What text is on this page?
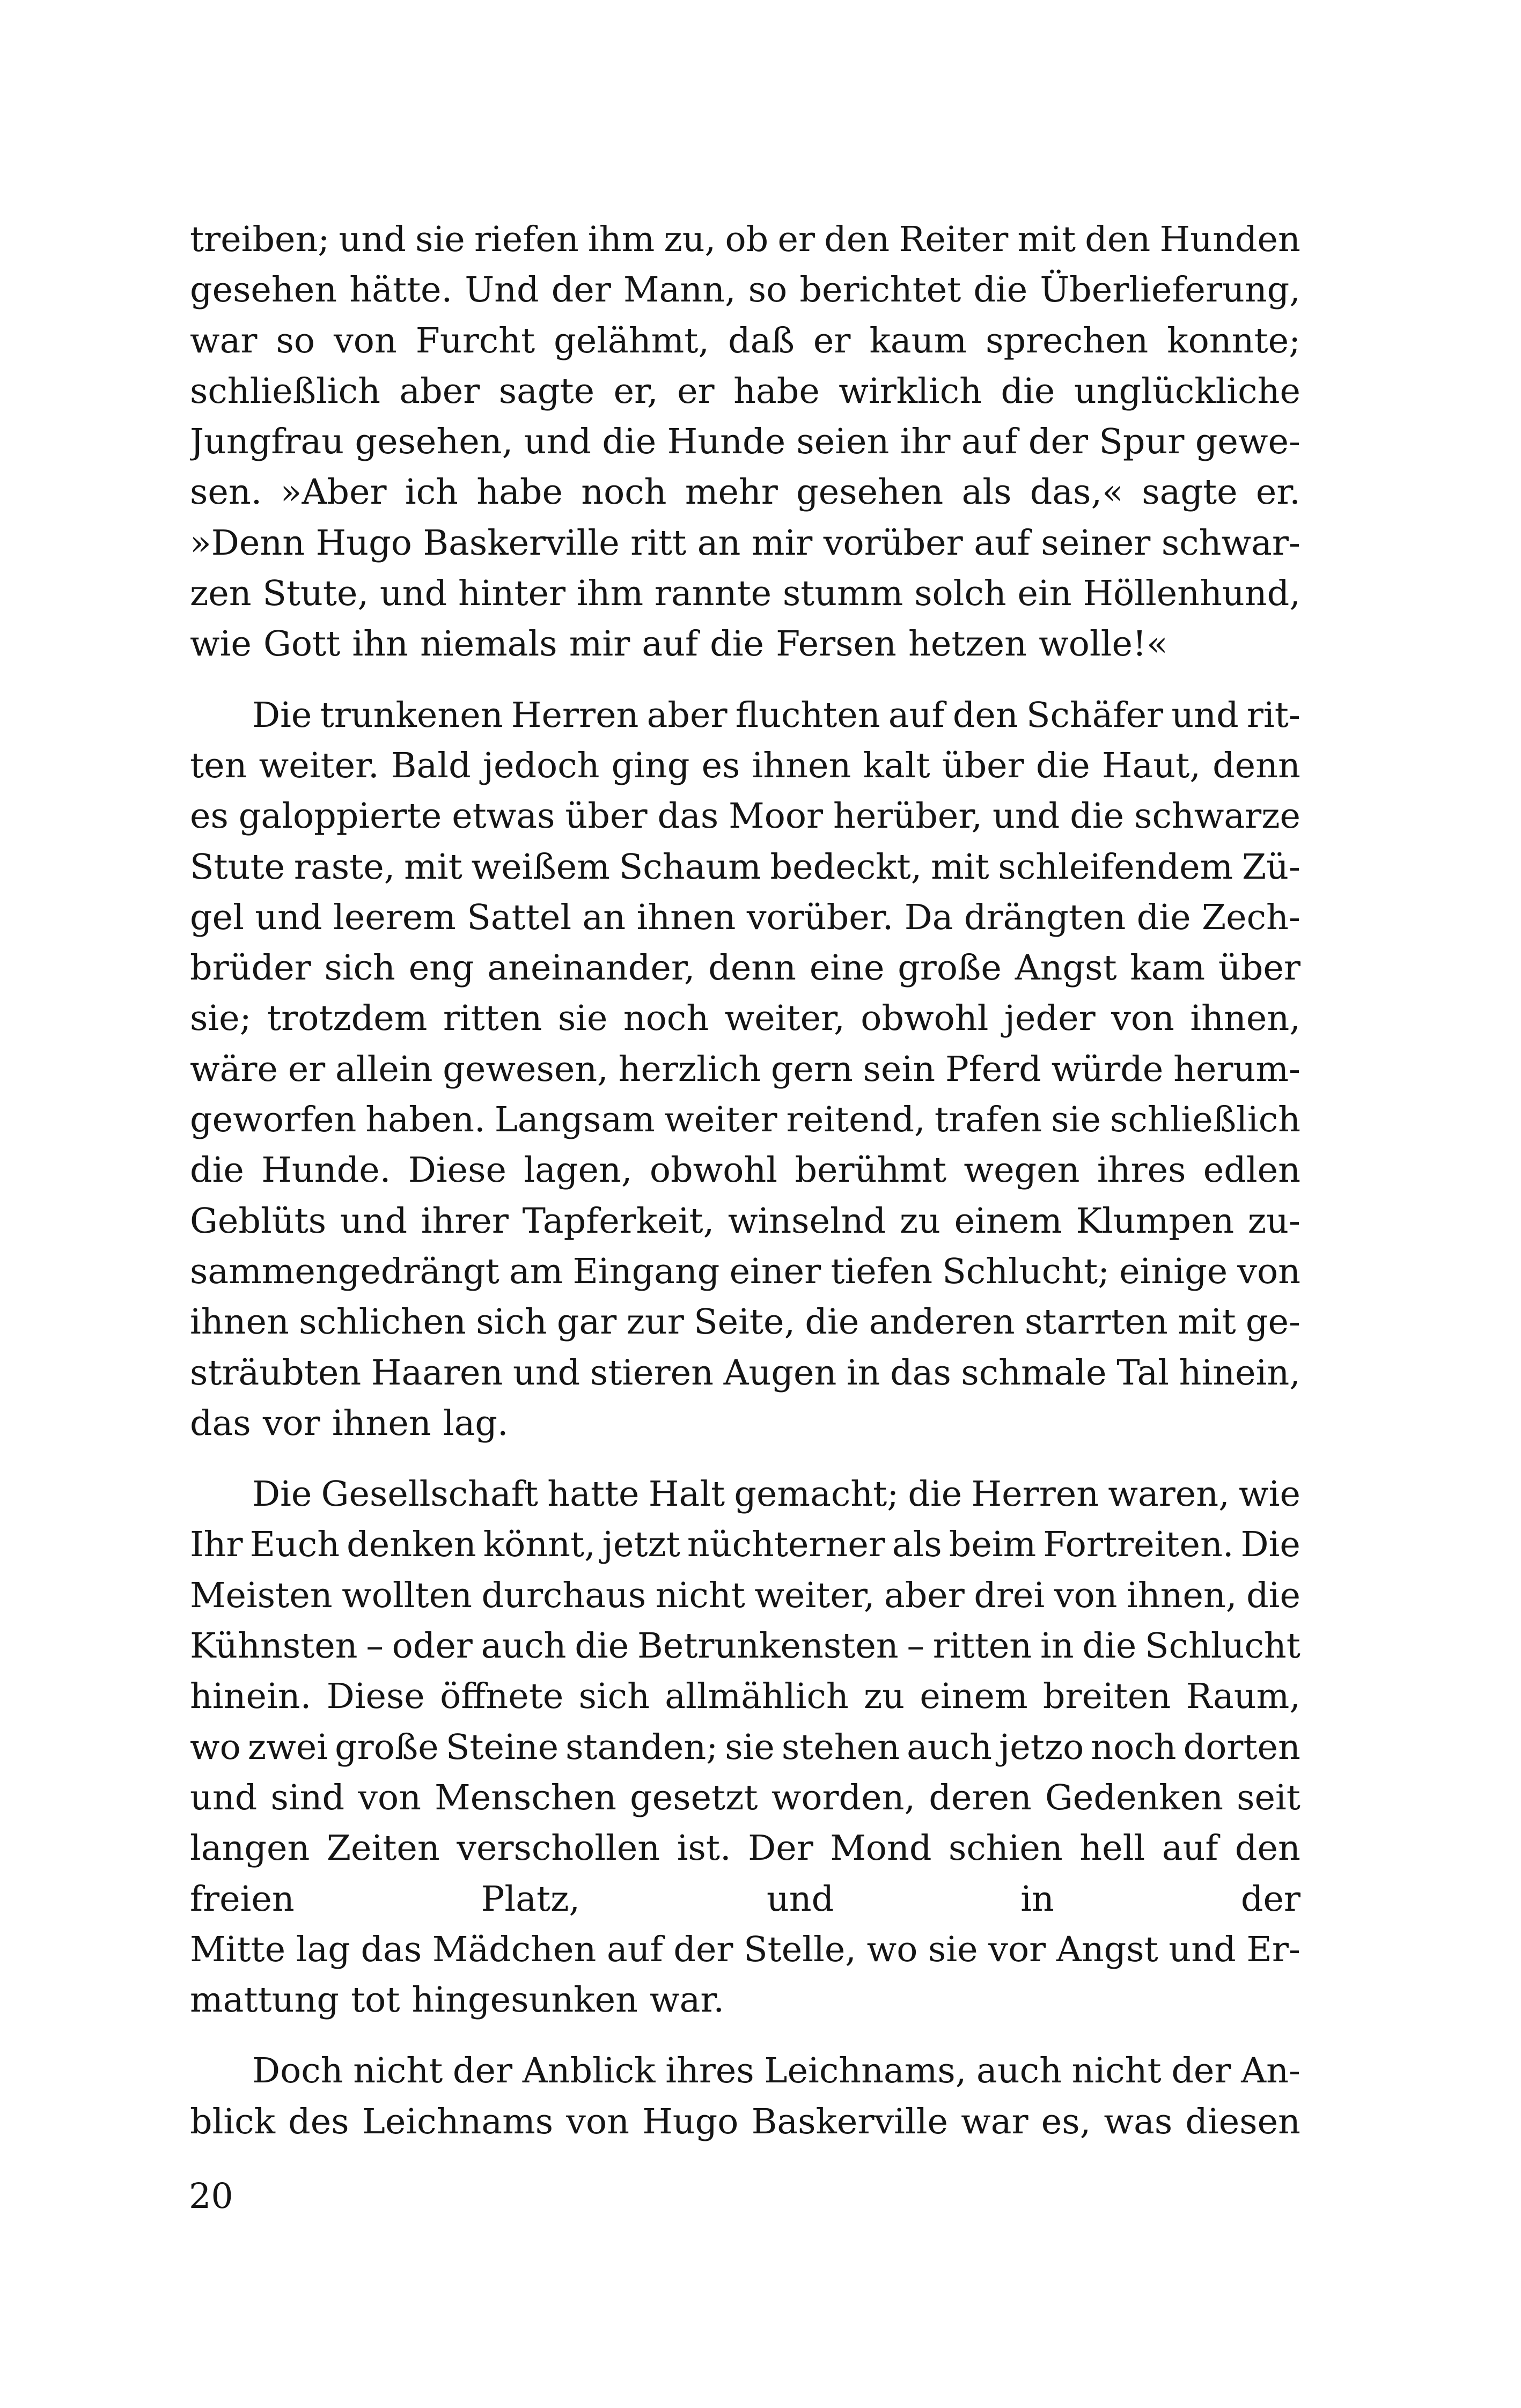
treiben; und sie riefen ihm zu, ob er den Reiter mit den Hunden
gesehen hätte. Und der Mann, so berichtet die Überlieferung,
war so von Furcht gelähmt, daß er kaum sprechen konnte;
schließlich aber sagte er, er habe wirklich die unglückliche
Jungfrau gesehen, und die Hunde seien ihr auf der Spur gewe-
sen. »Aber ich habe noch mehr gesehen als das,« sagte er.
»Denn Hugo Baskerville ritt an mir vorüber auf seiner schwar-
zen Stute, und hinter ihm rannte stumm solch ein Höllenhund,
wie Gott ihn niemals mir auf die Fersen hetzen wolle!«
Die trunkenen Herren aber fluchten auf den Schäfer und rit-
ten weiter. Bald jedoch ging es ihnen kalt über die Haut, denn
es galoppierte etwas über das Moor herüber, und die schwarze
Stute raste, mit weißem Schaum bedeckt, mit schleifendem Zü-
gel und leerem Sattel an ihnen vorüber. Da drängten die Zech-
brüder sich eng aneinander, denn eine große Angst kam über
sie; trotzdem ritten sie noch weiter, obwohl jeder von ihnen,
wäre er allein gewesen, herzlich gern sein Pferd würde herum-
geworfen haben. Langsam weiter reitend, trafen sie schließlich
die Hunde. Diese lagen, obwohl berühmt wegen ihres edlen
Geblüts und ihrer Tapferkeit, winselnd zu einem Klumpen zu-
sammengedrängt am Eingang einer tiefen Schlucht; einige von
ihnen schlichen sich gar zur Seite, die anderen starrten mit ge-
sträubten Haaren und stieren Augen in das schmale Tal hinein,
das vor ihnen lag.
Die Gesellschaft hatte Halt gemacht; die Herren waren, wie
Ihr Euch denken könnt, jetzt nüchterner als beim Fortreiten. Die
Meisten wollten durchaus nicht weiter, aber drei von ihnen, die
Kühnsten – oder auch die Betrunkensten – ritten in die Schlucht
hinein. Diese öffnete sich allmählich zu einem breiten Raum,
wo zwei große Steine standen; sie stehen auch jetzo noch dorten
und sind von Menschen gesetzt worden, deren Gedenken seit
langen Zeiten verschollen ist. Der Mond schien hell auf den
freien	Platz,	und	in	der
Mitte lag das Mädchen auf der Stelle, wo sie vor Angst und Er-
mattung tot hingesunken war.
Doch nicht der Anblick ihres Leichnams, auch nicht der An-
blick des Leichnams von Hugo Baskerville war es, was diesen
20
